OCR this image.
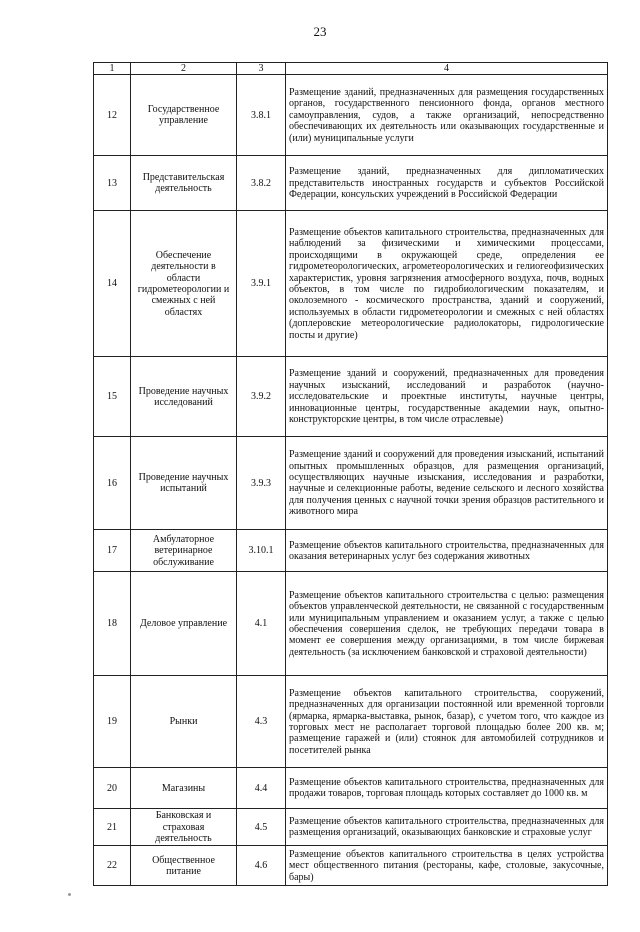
23
1	2	3	4
12	Государственное управление	3.8.1	Размещение зданий, предназначенных для размещения государственных органов, государственного пенсионного фонда, органов местного самоуправления, судов, а также организаций, непосредственно обеспечивающих их деятельность или оказывающих государственные и (или) муниципальные услуги
13	Представительская деятельность	3.8.2	Размещение зданий, предназначенных для дипломатических представительств иностранных государств и субъектов Российской Федерации, консульских учреждений в Российской Федерации
14	Обеспечение деятельности в области гидрометеорологии и смежных с ней областях	3.9.1	Размещение объектов капитального строительства, предназначенных для наблюдений за физическими и химическими процессами, происходящими в окружающей среде, определения ее гидрометеорологических, агрометеорологических и гелиогеофизических характеристик, уровня загрязнения атмосферного воздуха, почв, водных объектов, в том числе по гидробиологическим показателям, и околоземного - космического пространства, зданий и сооружений, используемых в области гидрометеорологии и смежных с ней областях (доплеровские метеорологические радиолокаторы, гидрологические посты и другие)
15	Проведение научных исследований	3.9.2	Размещение зданий и сооружений, предназначенных для проведения научных изысканий, исследований и разработок (научно-исследовательские и проектные институты, научные центры, инновационные центры, государственные академии наук, опытно-конструкторские центры, в том числе отраслевые)
16	Проведение научных испытаний	3.9.3	Размещение зданий и сооружений для проведения изысканий, испытаний опытных промышленных образцов, для размещения организаций, осуществляющих научные изыскания, исследования и разработки, научные и селекционные работы, ведение сельского и лесного хозяйства для получения ценных с научной точки зрения образцов растительного и животного мира
17	Амбулаторное ветеринарное обслуживание	3.10.1	Размещение объектов капитального строительства, предназначенных для оказания ветеринарных услуг без содержания животных
18	Деловое управление	4.1	Размещение объектов капитального строительства с целью: размещения объектов управленческой деятельности, не связанной с государственным или муниципальным управлением и оказанием услуг, а также с целью обеспечения совершения сделок, не требующих передачи товара в момент ее совершения между организациями, в том числе биржевая деятельность (за исключением банковской и страховой деятельности)
19	Рынки	4.3	Размещение объектов капитального строительства, сооружений, предназначенных для организации постоянной или временной торговли (ярмарка, ярмарка-выставка, рынок, базар), с учетом того, что каждое из торговых мест не располагает торговой площадью более 200 кв. м; размещение гаражей и (или) стоянок для автомобилей сотрудников и посетителей рынка
20	Магазины	4.4	Размещение объектов капитального строительства, предназначенных для продажи товаров, торговая площадь которых составляет до 1000 кв. м
21	Банковская и страховая деятельность	4.5	Размещение объектов капитального строительства, предназначенных для размещения организаций, оказывающих банковские и страховые услуг
22	Общественное питание	4.6	Размещение объектов капитального строительства в целях устройства мест общественного питания (рестораны, кафе, столовые, закусочные, бары)
